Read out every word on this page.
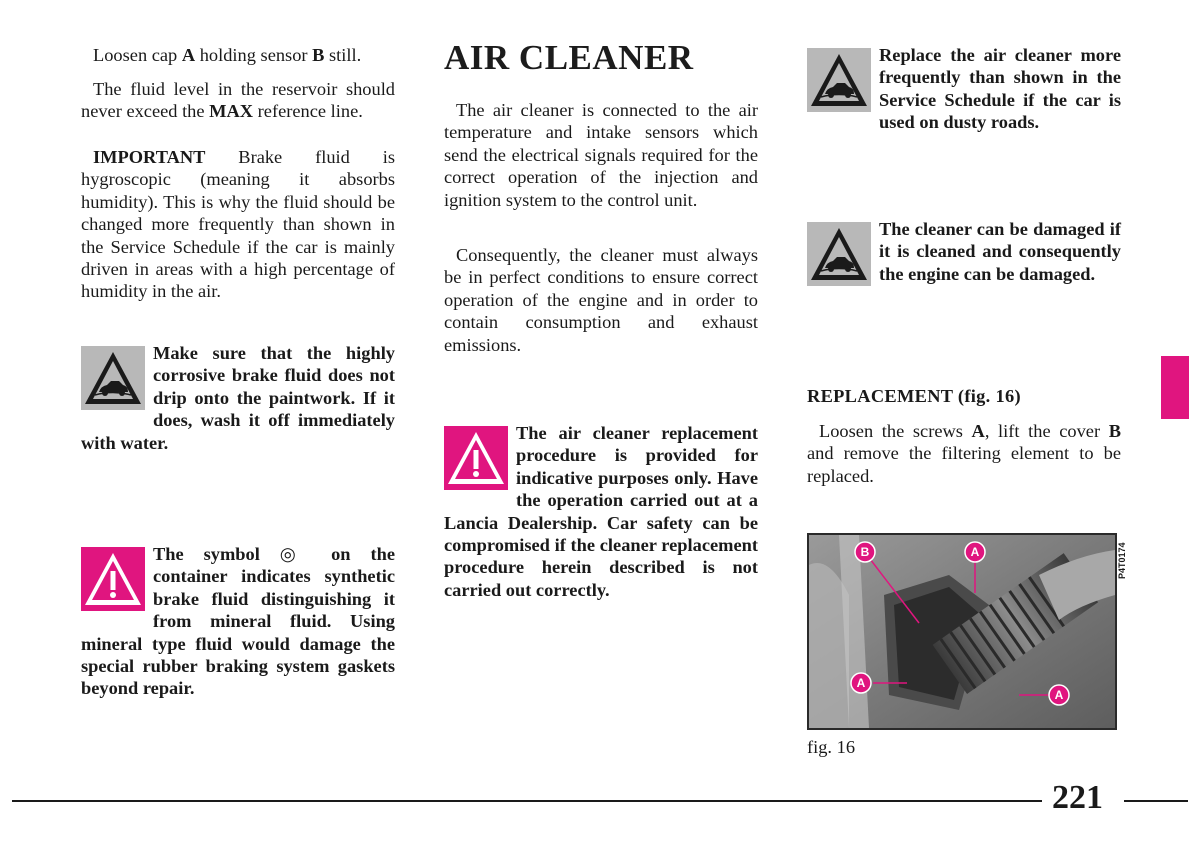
Loosen cap A holding sensor B still.

The fluid level in the reservoir should never exceed the MAX reference line.

IMPORTANT Brake fluid is hygroscopic (meaning it absorbs humidity). This is why the fluid should be changed more frequently than shown in the Service Schedule if the car is mainly driven in areas with a high percentage of humidity in the air.

Make sure that the highly corrosive brake fluid does not drip onto the paintwork. If it does, wash it off immediately with water.
The symbol ◎ on the container indicates synthetic brake fluid distinguishing it from mineral fluid. Using mineral type fluid would damage the special rubber braking system gaskets beyond repair.
AIR CLEANER

The air cleaner is connected to the air temperature and intake sensors which send the electrical signals required for the correct operation of the injection and ignition system to the control unit.

Consequently, the cleaner must always be in perfect conditions to ensure correct operation of the engine and in order to contain consumption and exhaust emissions.

The air cleaner replacement procedure is provided for indicative purposes only. Have the operation carried out at a Lancia Dealership. Car safety can be compromised if the cleaner replacement procedure herein described is not carried out correctly.
Replace the air cleaner more frequently than shown in the Service Schedule if the car is used on dusty roads.
The cleaner can be damaged if it is cleaned and consequently the engine can be damaged.
REPLACEMENT (fig. 16)

Loosen the screws A, lift the cover B and remove the filtering element to be replaced.

B	A
A
A
P4T0174
fig. 16
221
